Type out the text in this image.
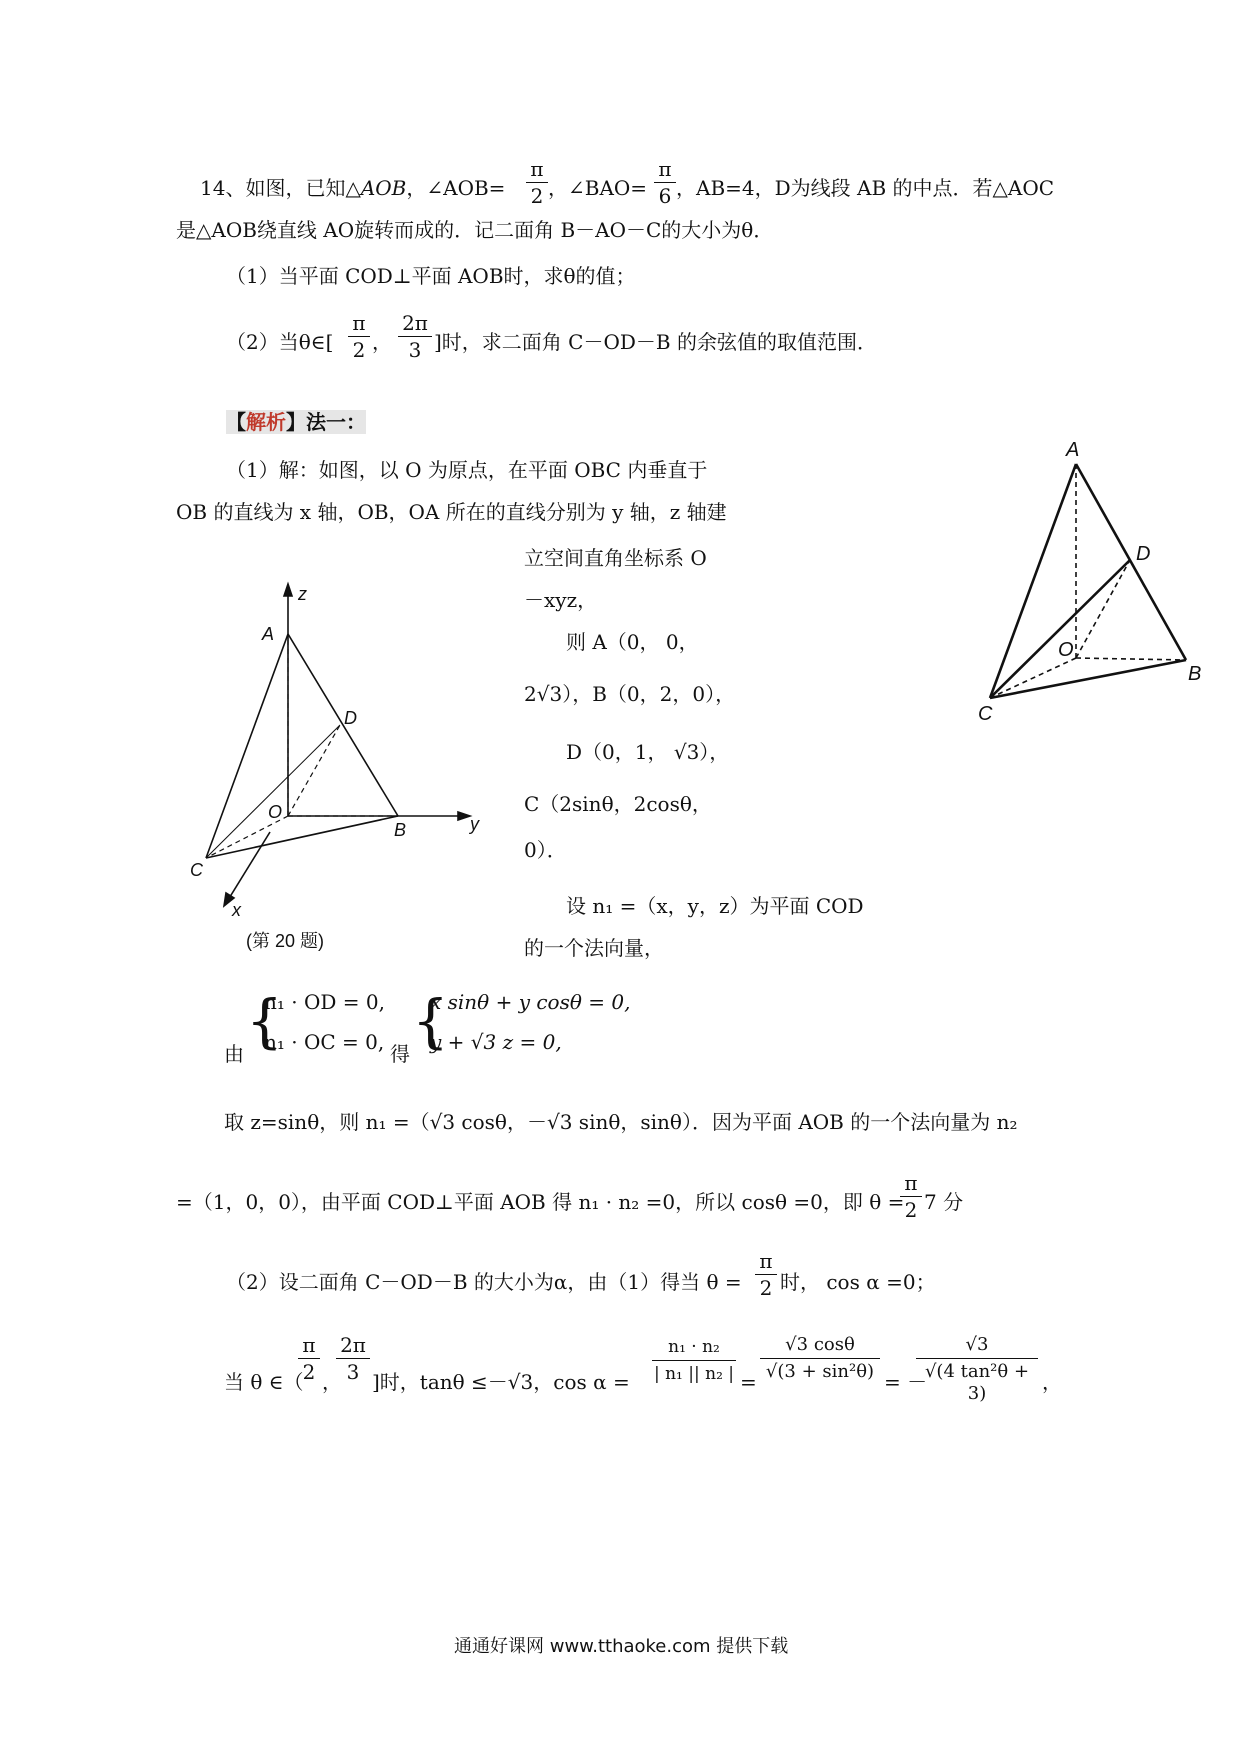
14、如图，已知△AOB，∠AOB=
π
2 ，∠BAO=
π
6 ，AB=4，D为线段 AB 的中点．若△AOC
是△AOB绕直线 AO旋转而成的．记二面角 B－AO－C的大小为θ．
（1）当平面 COD⊥平面 AOB时，求θ的值；
（2）当θ∈[
π
2 ，
2π
3 ]时，求二面角 C－OD－B 的余弦值的取值范围．
【解析】法一：
（1）解：如图，以 O 为原点，在平面 OBC 内垂直于
OB 的直线为 x 轴，OB，OA 所在的直线分别为 y 轴，z 轴建
立空间直角坐标系 O
－xyz，
则 A（0， 0，
2√3），B（0，2，0），
D（0，1， √3），
C（2sinθ，2cosθ，
0）．
设 n₁ =（x，y，z）为平面 COD
的一个法向量，
由 {
n₁ · OD = 0,
n₁ · OC = 0, 得 {
x sinθ + y cosθ = 0,
y + √3 z = 0,
取 z=sinθ，则 n₁ =（√3 cosθ，－√3 sinθ，sinθ）．因为平面 AOB 的一个法向量为 n₂
=（1，0，0），由平面 COD⊥平面 AOB 得 n₁ · n₂ =0，所以 cosθ =0，即 θ =
π
2 7 分
（2）设二面角 C－OD－B 的大小为α，由（1）得当 θ =
π
2 时， cos α =0；
当 θ ∈（
π
2 ，
2π
3 ]时，tanθ ≤－√3，cos α =
n₁ · n₂
| n₁ || n₂ | =
√3 cosθ
√(3 + sin²θ) = －
√3
√(4 tan²θ + 3)	，
z
A
D
O
B	y
C
x
(第 20 题)
A
D
O
B
C
通通好课网 www.tthaoke.com 提供下载
